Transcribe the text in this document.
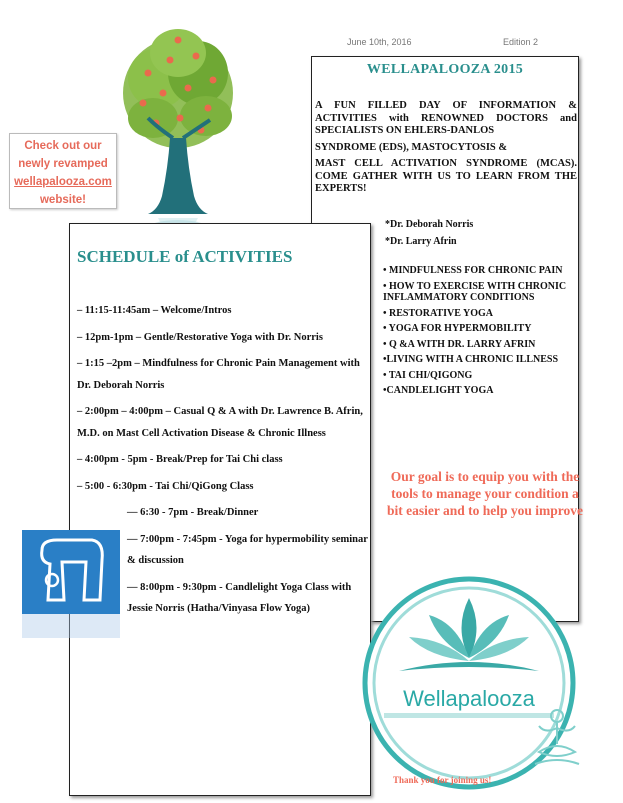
June 10th, 2016	Edition 2
Check out our
newly revamped
wellapalooza.com
website!
WELLAPALOOZA 2015

A FUN FILLED DAY OF INFORMATION & ACTIVITIES with RENOWNED DOCTORS and SPECIALISTS ON EHLERS-DANLOS

SYNDROME (EDS), MASTOCYTOSIS &

MAST CELL ACTIVATION SYNDROME (MCAS). COME GATHER WITH US TO LEARN FROM THE EXPERTS!

*Dr. Deborah Norris
*Dr. Larry Afrin
• MINDFULNESS FOR CHRONIC PAIN
• HOW TO EXERCISE WITH CHRONIC INFLAMMATORY CONDITIONS
• RESTORATIVE YOGA
• YOGA FOR HYPERMOBILITY
• Q &A WITH DR. LARRY AFRIN
•LIVING WITH A CHRONIC ILLNESS
• TAI CHI/QIGONG
•CANDLELIGHT YOGA
Our goal is to equip you with the tools to manage your condition a bit easier and to help you improve
SCHEDULE of ACTIVITIES
– 11:15-11:45am – Welcome/Intros
– 12pm-1pm – Gentle/Restorative Yoga with Dr. Norris
– 1:15 –2pm – Mindfulness for Chronic Pain Management with Dr. Deborah Norris
– 2:00pm – 4:00pm – Casual Q & A with Dr. Lawrence B. Afrin, M.D. on Mast Cell Activation Disease & Chronic Illness
– 4:00pm - 5pm - Break/Prep for Tai Chi class
– 5:00 - 6:30pm - Tai Chi/QiGong Class
— 6:30 - 7pm - Break/Dinner
— 7:00pm - 7:45pm - Yoga for hypermobility seminar & discussion
— 8:00pm - 9:30pm - Candlelight Yoga Class with Jessie Norris (Hatha/Vinyasa Flow Yoga)
Wellapalooza
Thank you for joining us!
